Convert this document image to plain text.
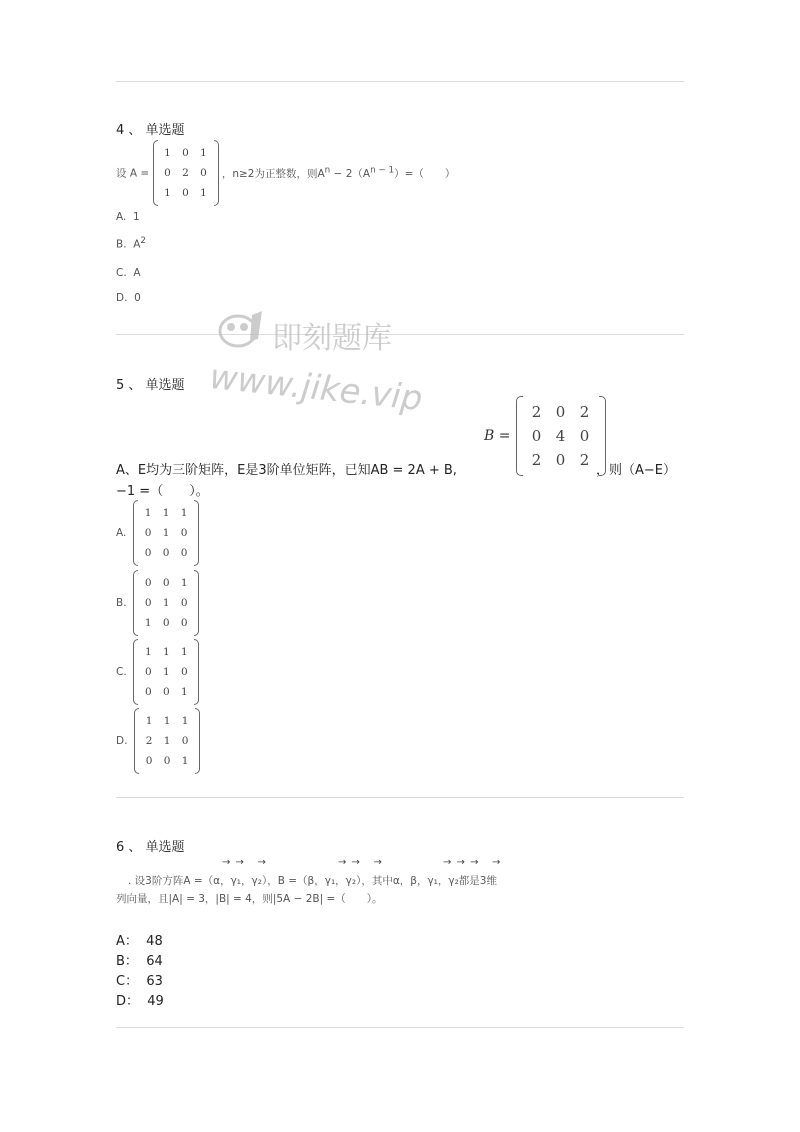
4 、 单选题
设 A =
1	0	1
0	2	0
1	0	1
，n≥2为正整数，则$A^n - 2(A^{n - 1})=$（　　）
A. 1
B. $A^2$
C. A
D. 0
即刻题库
www.jike.vip
5 、 单选题
B =
2 0 2
0 4 0
2 0 2
A、E均为三阶矩阵，E是3阶单位矩阵，已知AB = 2A + B,	，则（A−E）
−1 =（　　）。
A.
1	1	1
0	1	0
0	0	0
B.
0	0	1
0	1	0
1	0	0
C.
1	1	1
0	1	0
0	0	1
D.
1	1	1
2	1	0
0	0	1
6 、 单选题
→ →   →	→ →   →	→ → →   →
. 设3阶方阵A =（α，γ₁，γ₂），B =（β，γ₁，γ₂），其中α，β，γ₁，γ₂都是3维
列向量，且|A| = 3，|B| = 4，则|5A − 2B| =（　　）。
A： 48
B： 64
C： 63
D： 49
